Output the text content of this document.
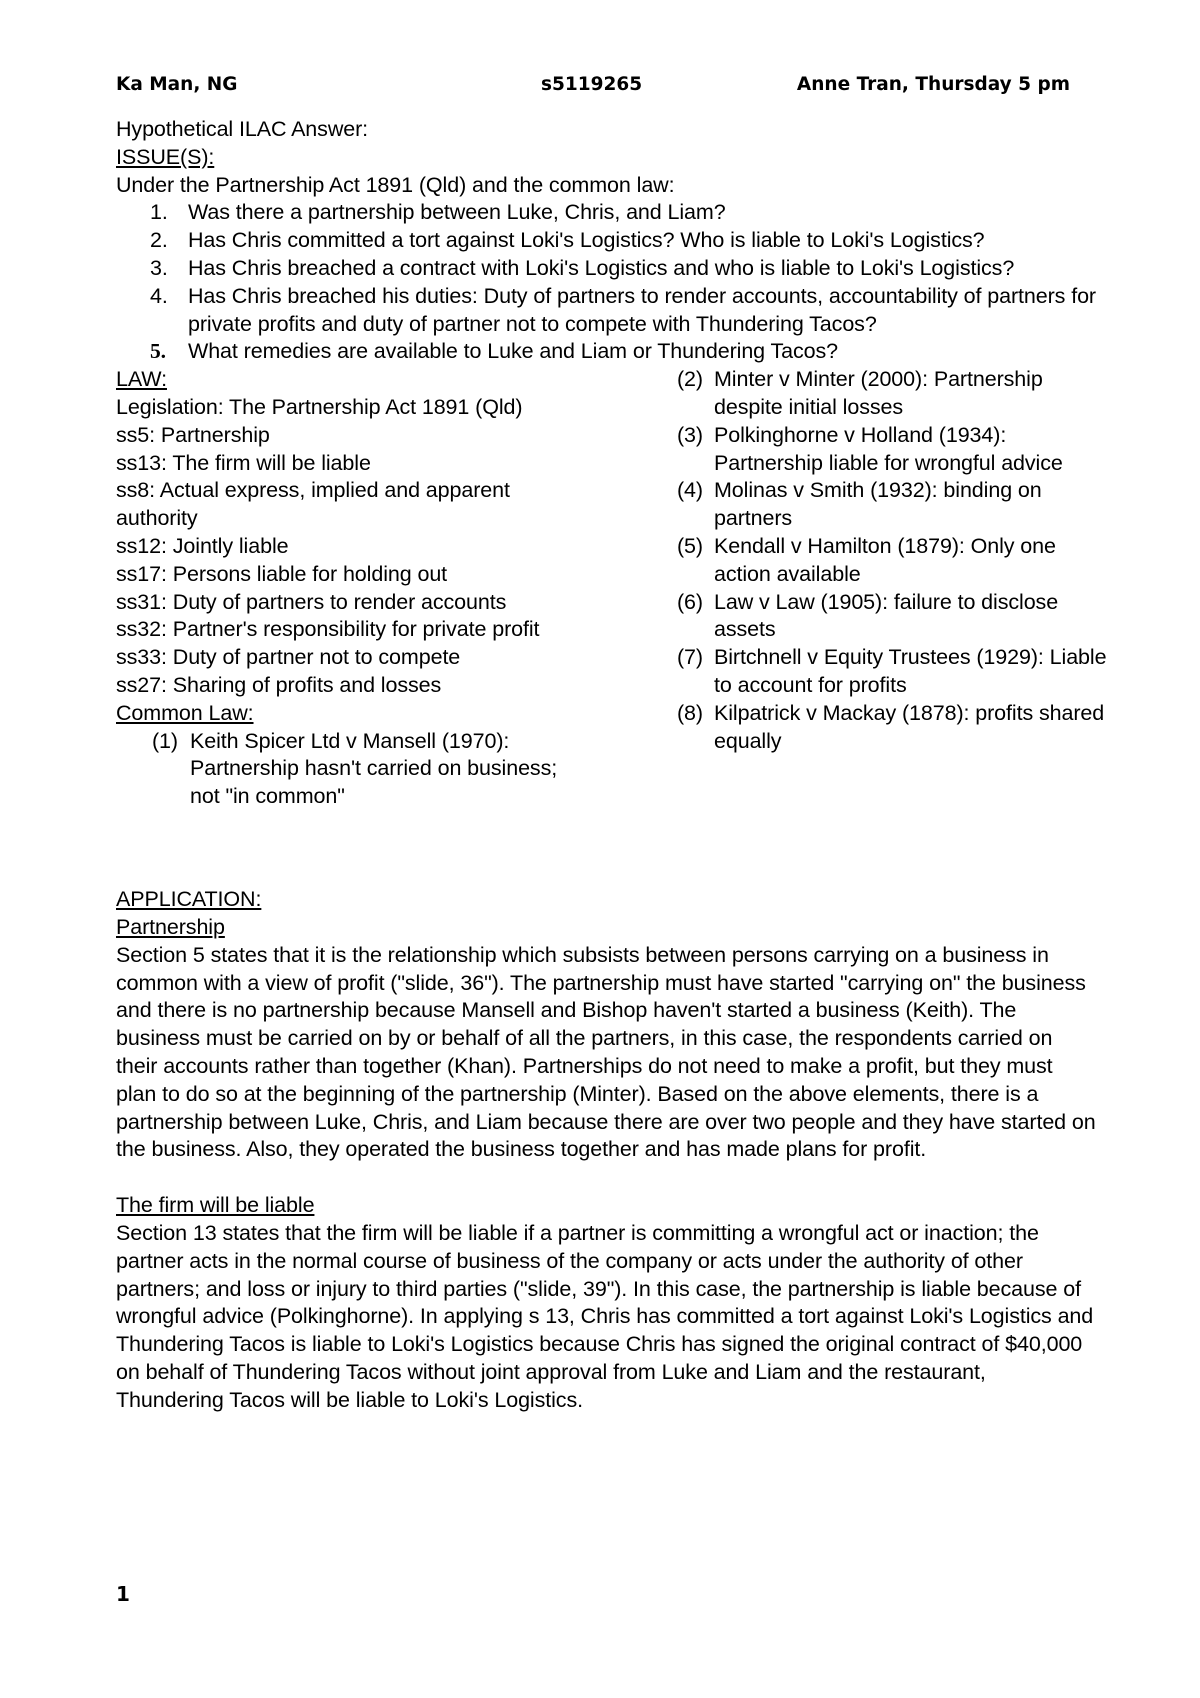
Ka Man, NG	s5119265	Anne Tran, Thursday 5 pm
Hypothetical ILAC Answer:
ISSUE(S):
Under the Partnership Act 1891 (Qld) and the common law:
1. Was there a partnership between Luke, Chris, and Liam?
2. Has Chris committed a tort against Loki's Logistics? Who is liable to Loki's Logistics?
3. Has Chris breached a contract with Loki's Logistics and who is liable to Loki's Logistics?
4. Has Chris breached his duties: Duty of partners to render accounts, accountability of partners for private profits and duty of partner not to compete with Thundering Tacos?
5. What remedies are available to Luke and Liam or Thundering Tacos?
LAW:
Legislation: The Partnership Act 1891 (Qld)
ss5: Partnership
ss13: The firm will be liable
ss8: Actual express, implied and apparent authority
ss12: Jointly liable
ss17: Persons liable for holding out
ss31: Duty of partners to render accounts
ss32: Partner's responsibility for private profit
ss33: Duty of partner not to compete
ss27: Sharing of profits and losses
Common Law:
(1) Keith Spicer Ltd v Mansell (1970): Partnership hasn't carried on business; not "in common"
(2) Minter v Minter (2000): Partnership despite initial losses
(3) Polkinghorne v Holland (1934): Partnership liable for wrongful advice
(4) Molinas v Smith (1932): binding on partners
(5) Kendall v Hamilton (1879): Only one action available
(6) Law v Law (1905): failure to disclose assets
(7) Birtchnell v Equity Trustees (1929): Liable to account for profits
(8) Kilpatrick v Mackay (1878): profits shared equally
APPLICATION:
Partnership
Section 5 states that it is the relationship which subsists between persons carrying on a business in common with a view of profit ("slide, 36"). The partnership must have started "carrying on" the business and there is no partnership because Mansell and Bishop haven't started a business (Keith). The business must be carried on by or behalf of all the partners, in this case, the respondents carried on their accounts rather than together (Khan). Partnerships do not need to make a profit, but they must plan to do so at the beginning of the partnership (Minter). Based on the above elements, there is a partnership between Luke, Chris, and Liam because there are over two people and they have started on the business. Also, they operated the business together and has made plans for profit.
The firm will be liable
Section 13 states that the firm will be liable if a partner is committing a wrongful act or inaction; the partner acts in the normal course of business of the company or acts under the authority of other partners; and loss or injury to third parties ("slide, 39"). In this case, the partnership is liable because of wrongful advice (Polkinghorne). In applying s 13, Chris has committed a tort against Loki's Logistics and Thundering Tacos is liable to Loki's Logistics because Chris has signed the original contract of $40,000 on behalf of Thundering Tacos without joint approval from Luke and Liam and the restaurant, Thundering Tacos will be liable to Loki's Logistics.
1
